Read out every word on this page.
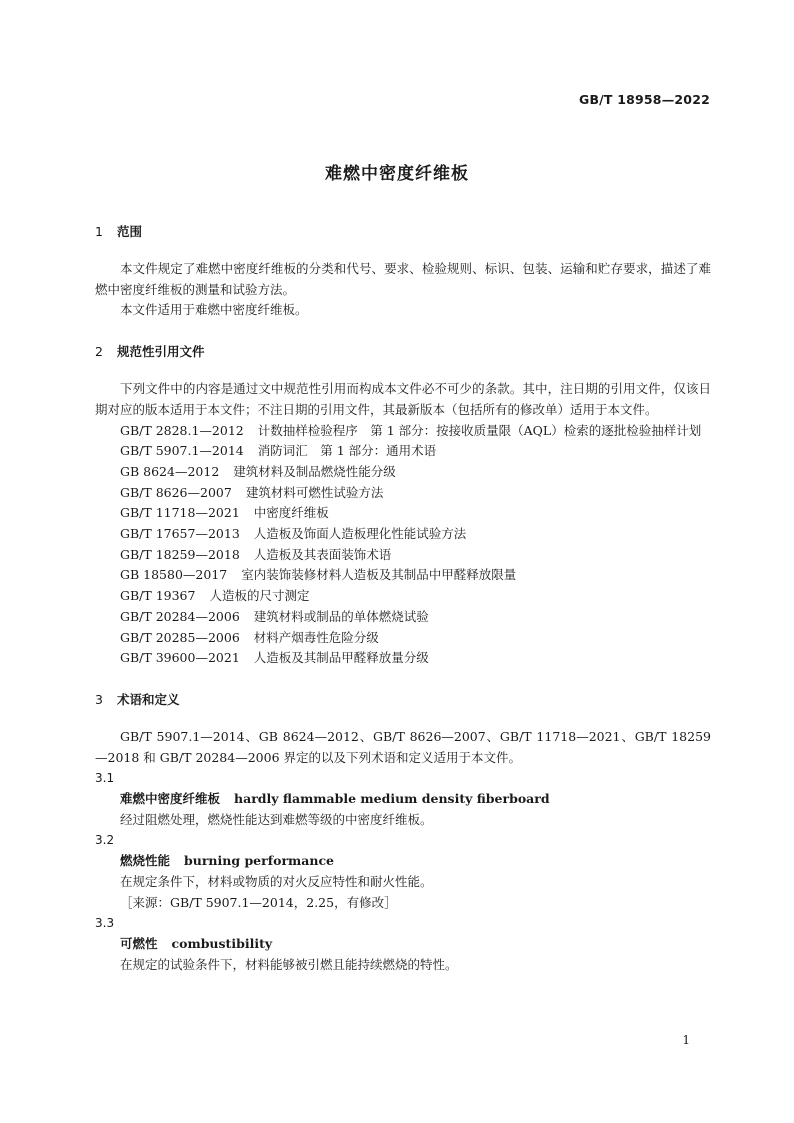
GB/T 18958—2022
难燃中密度纤维板
1 范围

本文件规定了难燃中密度纤维板的分类和代号、要求、检验规则、标识、包装、运输和贮存要求，描述了难燃中密度纤维板的测量和试验方法。

本文件适用于难燃中密度纤维板。

2 规范性引用文件

下列文件中的内容是通过文中规范性引用而构成本文件必不可少的条款。其中，注日期的引用文件，仅该日期对应的版本适用于本文件；不注日期的引用文件，其最新版本（包括所有的修改单）适用于本文件。

GB/T 2828.1—2012 计数抽样检验程序　第 1 部分：按接收质量限（AQL）检索的逐批检验抽样计划

GB/T 5907.1—2014 消防词汇　第 1 部分：通用术语

GB 8624—2012 建筑材料及制品燃烧性能分级

GB/T 8626—2007 建筑材料可燃性试验方法

GB/T 11718—2021 中密度纤维板

GB/T 17657—2013 人造板及饰面人造板理化性能试验方法

GB/T 18259—2018 人造板及其表面装饰术语

GB 18580—2017 室内装饰装修材料人造板及其制品中甲醛释放限量

GB/T 19367 人造板的尺寸测定

GB/T 20284—2006 建筑材料或制品的单体燃烧试验

GB/T 20285—2006 材料产烟毒性危险分级

GB/T 39600—2021 人造板及其制品甲醛释放量分级

3 术语和定义

GB/T 5907.1—2014、GB 8624—2012、GB/T 8626—2007、GB/T 11718—2021、GB/T 18259—2018 和 GB/T 20284—2006 界定的以及下列术语和定义适用于本文件。

3.1
难燃中密度纤维板 hardly flammable medium density fiberboard

经过阻燃处理，燃烧性能达到难燃等级的中密度纤维板。

3.2
燃烧性能 burning performance

在规定条件下，材料或物质的对火反应特性和耐火性能。

［来源：GB/T 5907.1—2014，2.25，有修改］

3.3
可燃性 combustibility

在规定的试验条件下，材料能够被引燃且能持续燃烧的特性。

1
